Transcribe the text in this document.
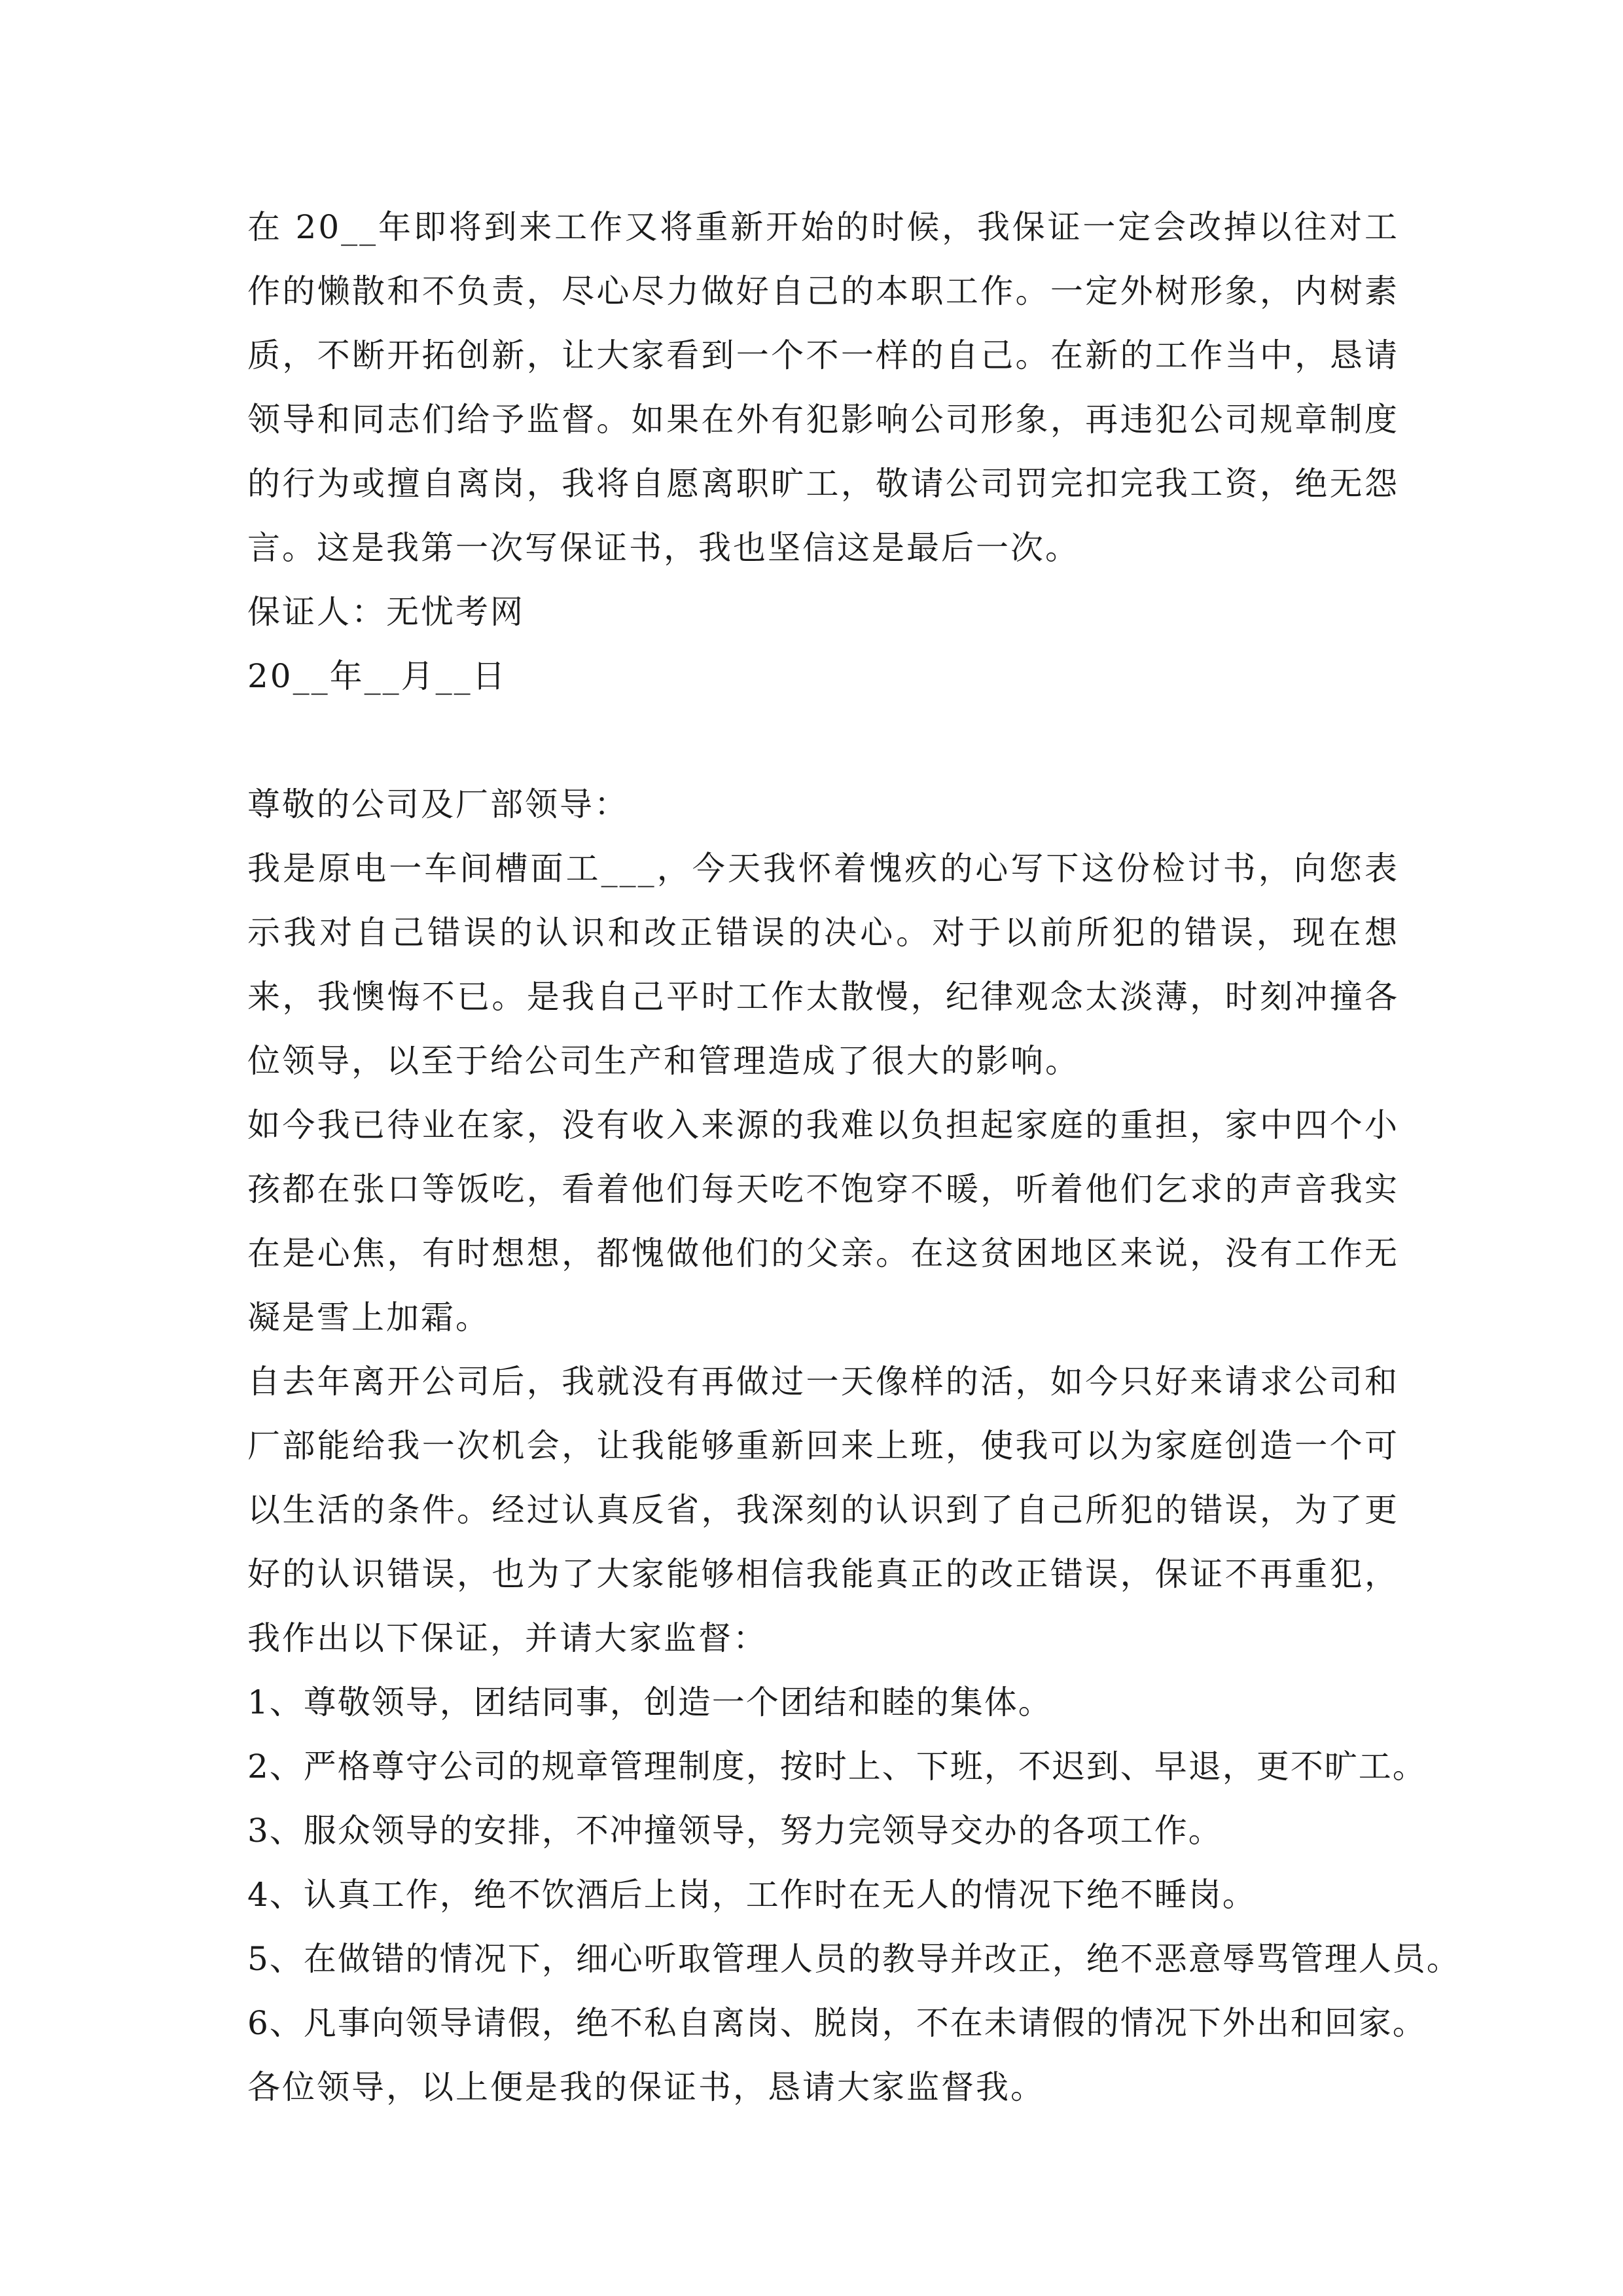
在 20__年即将到来工作又将重新开始的时候，我保证一定会改掉以往对工作的懒散和不负责，尽心尽力做好自己的本职工作。一定外树形象，内树素质，不断开拓创新，让大家看到一个不一样的自己。在新的工作当中，恳请领导和同志们给予监督。如果在外有犯影响公司形象，再违犯公司规章制度的行为或擅自离岗，我将自愿离职旷工，敬请公司罚完扣完我工资，绝无怨言。这是我第一次写保证书，我也坚信这是最后一次。

保证人：无忧考网

20__年__月__日

尊敬的公司及厂部领导：

我是原电一车间槽面工___，今天我怀着愧疚的心写下这份检讨书，向您表示我对自己错误的认识和改正错误的决心。对于以前所犯的错误，现在想来，我懊悔不已。是我自己平时工作太散慢，纪律观念太淡薄，时刻冲撞各位领导，以至于给公司生产和管理造成了很大的影响。

如今我已待业在家，没有收入来源的我难以负担起家庭的重担，家中四个小孩都在张口等饭吃，看着他们每天吃不饱穿不暖，听着他们乞求的声音我实在是心焦，有时想想，都愧做他们的父亲。在这贫困地区来说，没有工作无凝是雪上加霜。

自去年离开公司后，我就没有再做过一天像样的活，如今只好来请求公司和厂部能给我一次机会，让我能够重新回来上班，使我可以为家庭创造一个可以生活的条件。经过认真反省，我深刻的认识到了自己所犯的错误，为了更好的认识错误，也为了大家能够相信我能真正的改正错误，保证不再重犯，我作出以下保证，并请大家监督：

1、尊敬领导，团结同事，创造一个团结和睦的集体。

2、严格尊守公司的规章管理制度，按时上、下班，不迟到、早退，更不旷工。

3、服众领导的安排，不冲撞领导，努力完领导交办的各项工作。

4、认真工作，绝不饮酒后上岗，工作时在无人的情况下绝不睡岗。

5、在做错的情况下，细心听取管理人员的教导并改正，绝不恶意辱骂管理人员。

6、凡事向领导请假，绝不私自离岗、脱岗，不在未请假的情况下外出和回家。

各位领导，以上便是我的保证书，恳请大家监督我。
